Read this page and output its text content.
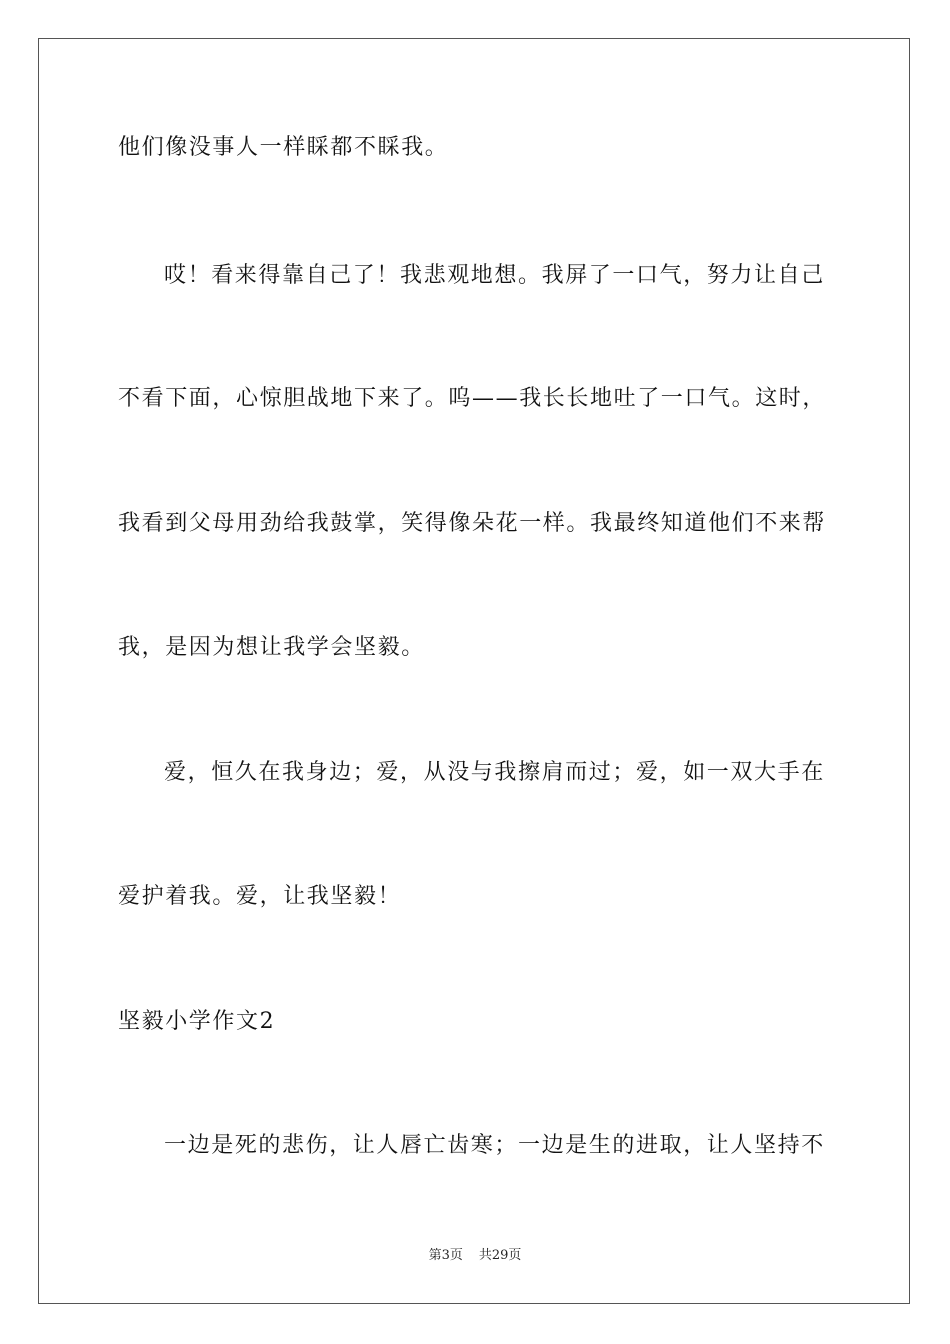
他们像没事人一样睬都不睬我。
哎！看来得靠自己了！我悲观地想。我屏了一口气，努力让自己
不看下面，心惊胆战地下来了。呜——我长长地吐了一口气。这时，
我看到父母用劲给我鼓掌，笑得像朵花一样。我最终知道他们不来帮
我，是因为想让我学会坚毅。
爱，恒久在我身边；爱，从没与我擦肩而过；爱，如一双大手在
爱护着我。爱，让我坚毅！
坚毅小学作文2
一边是死的悲伤，让人唇亡齿寒；一边是生的进取，让人坚持不
第3页 共29页
